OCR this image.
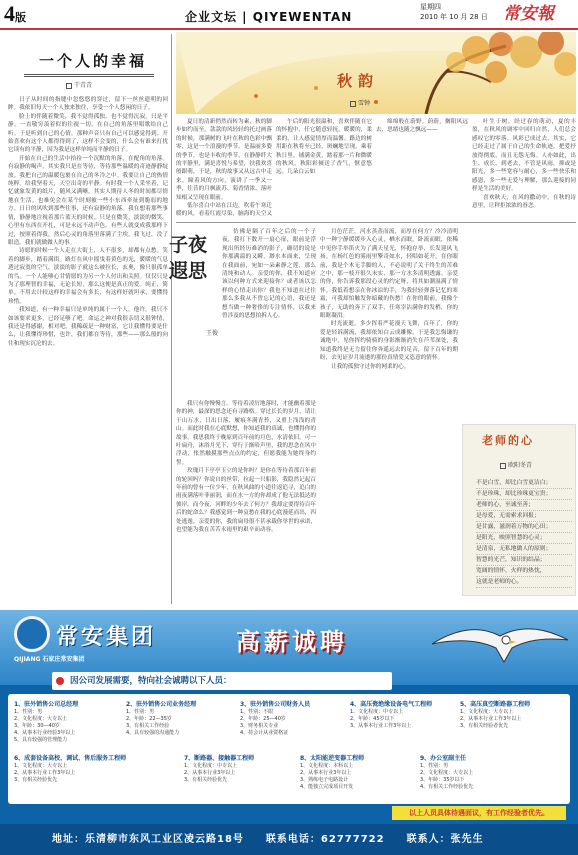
4版	企业文坛 | QIYEWENTAN
星期四
2010 年 10 月 28 日 常安報
一个人的幸福
干青青

日子从时间的指缝中忽悠悠的穿过，留下一丝丝遗明的回眸。我依旧每天一个人独来独往，享受一个人悠闲的日子。

脸上的伴随着微笑，我不觉得孤独。也不觉得沉寂，只是平静。一直敬穷羡着似的往视一切，在自己的角落里唱歌给自己听。于是听到自己的心情。那种声音只有自己可以感觉得到。开始喜欢有这个人都得得到了，这样不会变的，什么会有谁来打扰它读有的平静，因为我是这样单纯而平静的日子。

开始在自己的生活中拾捡一个沉默的角落，在配角的角落。有寂静的喝声。其实我只是在等待，等待那些温暖的奇迹静静绽放。我把自己的温暖包裹在自己的冬冷之中。我要让自己的热情纯粹。给我坚着天，天空出奇的平静。有时我一个人采坐着，记忆就象发黄的纸片，随风又满晰。其实人期待人冬的时间都尽情地在生活。也难免会在某个时刻被一些小东西牵扯到脆弱的地方。日日的风吹到那些往事，还有寂静的角落。我在想着那些事情，静静地注视着那片蓝天的时候。只是在微笑，淡淡的微笑。心里有东西在开扎，可是永远不动声色。有些人就变成我那样下过，按照着得我，然后心灵的角落里落满了尘埃。我飞过，没了眼造。我们就做做人的事。

诗愿的时候一个人走在大街上，人不很多，却都有点愁。笑着的脚步，踏着满街。路灯在风中摇曳着黄色的光，暖暖的气息透过寂寞的空气，淡淡的影子就这么被拉长，玄奥，像只很孤单的鸟。一个人能够心甘情愿的为另一个人付出和关照。仅仅只是为了那理智的幸福，无论长短，那么这便是真正的爱。纯正，简单。不用去计较这样的幸福会有多长，有这样好就坦承，要懂得珍惜。

我知道，有一种幸福只是单纯的属于一个人。他许，我只不如该要求更多，已经足够了吧。命运之神对我很亲切又很钟情，我还是得感谢，相对吧，我稀疏是一种财富，它让我懂得要是什么，让我懂得珍惜，也许，我们都在等待，那些——那么般的向往和现实沉沦的去。

秋韵
雪钟

夏日的清新悄然而转为素，秋的脚步如约而至。款款的风轻轻的托过画落的时候，那满树的飞叶在秋的色彩中飘零，这是一个浪漫的季节。是温丽多姿的季节，也是丰收的季节，在静静纤大的平静里，满是喜悦与希望，扶我欢喜般跟萌，于是，秋的故事又从远古中走来，瞳着风的方向，演讲了一季又一季，往昔的月枫流苏、菊香情浓、落叶知根又呈现在眼前。

低尔喜白中站在江边，吹着午寒迁暖的风，看着红霞尽染，脑海的天空又

午后的阳光很温和，喜欢伴随在它的怀抱中，任它随意轻抚，暖暖的，柔柔的，让人感觉情厚而温馨。路边的树用距在秋将至已经，斑斓地呈现。乘着秋日里，铺满金黄，踏着那一片和微暖的秋风，秋阳彩倾送了香气，惬意悠远。几朵白云如

绵绵般在蔚野。蔚蔚，搁阳风远去，思绪也随之飘远——

叶生于树，经过春的萌动，夏的丰盈，在秋风的调零中回归自然，人们总会感叹它的零落。风彩已成过去，其实，它已经走过了属于自己的生命轨迹，把爱抒放得彻底，而且无怨无悔。人亦如此，出生、成长、到老去，不管是风雨，抑或是阳光，多一些宽容与耐心，多一些快乐和感恩，多一些无爱与理解，那么迎接的同样是生活的美好。

喜欢秋天，在风的撒动中，在秋的诗意里，让秤拒浓浓的眷恋。

子夜遐思
王俊

仿佛是隔了百年之后的一个子夜，我打下数开一扇心扉，眼前是浮现出所经历难消的影子，确切的说是你那满溢的又瞬，渺水本面来，呈现在我面前，宛如一朵素静之莲，那么清纯和动人。亲爱的你，我不知道应该以何种方式来迎接你？或者该以怎样的心情走出你？我也不知道在过往那么多我从不曾忘记的心语，我还是想当做一种奢侈的专注情怀。以我来曾涉及的思想拍拆人心。

我只有你慢慢言。等待着凌厉地落时，才能幽着那是你的神，最深的思念还有寻路格。穿过长长的岁月，请让干山万水，日出日落，履痕冬满青苔，又重上浅浅的青山。而此时我在心底默想，你知道我的真诚，也懂得你的故事。我思我终于晚原到百年前的月色，水清依旧。可一叶扁舟，沐浴月光下，穿行于渐哈声里，我的思念在风中浮动，怅然触摸那些点点的约定，但愿我能为她终身约誓。

玫瑰月下亭亭玉立的是你吗？是你在等待着那百年前的轮回吗？你说自的丝带，拉起一只船影，我隐然记起百年前的曾有一位少年，在秋风曲的小道往返追寻，追白的雨夜满落叶菲丽润，而在水一方的你却成了他无法抵达的彼岸。而今夜，河畔的少年去了何方？我却定要得待百年后的蛇命么？我感觉到一种哀愁在我的心底漫延而出，四处逃逸。亲爱的你，我的扁母很不甚承载你举世的承诺，也望能为我在苦苦永雨里的艰辛而动容。

月色茫茫，河水蒸蒸而流，而厚在何方？冷冷清明中一种宁静缓缓步入心灵，栖水而眠，卧流而眠，依稀中见你手举笛火为了满天星光，怀抱存举，长发迎风飞扬。在杨红色的雾雨里擎奇如水，轻唱如花开。在你眼前，我是个木无手脚的人，不必说明了关于终生的苦难之中，那一枝开很久未实，那一方水多清明透露。亲爱的你，你告诉我那段心灵的约定呀，将其如潮湿满了情怀。我低着想亲在你冰凉的手，为我轻轻弹落记忆的寒霜，可我却怕触发你暗藏的伤愁！在你的眼前，我像个孩子，无助的奔下了双手，任寒宰沾满你的发梢，你的眼眶凝泪。

时光流逝，多少挥着严花漫天飞舞，百年了，你的爱是轻诉满流，我却依知白云成雕像。于是我怎悔谦的诚绝中，见你挥约骑骑的身影渐渐消失在芦苇深处，我知道我终是无力留住你奔遥远去的足音，留下百年的期盼，去见证岁月流逝的那份真情爱又恣意的情怀。

让我的孤独守过你的网柔的心。

老师的心
欧阳冬青
不是白雪，却比白雪更洁白；
不是珍珠，却比珍珠更宝贵；
老师的心，至诚至善；
是母爱，无需索求回报；
是甘露，滋润着万物的心田；
是阳光，映照智慧的心灵；
是清泉，无私地做人的原则；
智慧的光芒，知识的结晶；
宽阔的情怀，火样的热忱，
这就是老师的心。
QIJIANG 石家庄常安集团
常安集团	高薪诚聘
因公司发展需要，特向社会诚聘以下人员：
1、驻外销售公司总经理
1、性别：男
2、文化程度：大专以上
3、年龄：30—40岁
4、从事本行业经验3年以上
5、具有较强的管理能力
2、驻外销售公司业务经理
1、性别：男
2、年龄：22—35岁
3、有相关工作经验
4、具有较强的沟通能力
3、驻外销售公司财务人员
1、性别：不限
2、年龄：25—40岁
3、财务相关专业
4、持会计从业资格证
4、高压瓷绝缘设备电气工程师
1、文化程度：中专以上
2、年龄：45岁以下
3、从事本行业工作3年以上
5、高压真空断路器工程师
1、文化程度：大专以上
2、从事本行业工作3年以上
3、有相关经验者优先
6、成套设备高校、调试、售后服务工程师
1、文化程度：大专以上
2、从事本行业工作3年以上
3、有相关经验优先
7、断路器、接触器工程师
1、文化程度：中专以上
2、从事本行业3年以上
3、有相关经验优先
8、太阳能逆变器工程师
1、文化程度：本科以上
2、从事本行业3年以上
3、熟练电子电路设计
4、能独立完成项目开发
9、办公室副主任
1、性别：男
2、文化程度：大专以上
3、年龄：35岁以下
4、有相关工作经验优先
以上人员具体待遇面议，有工作经验者优先。
地址：乐清柳市东风工业区凌云路18号　　联系电话：62777722　　联系人：张先生
